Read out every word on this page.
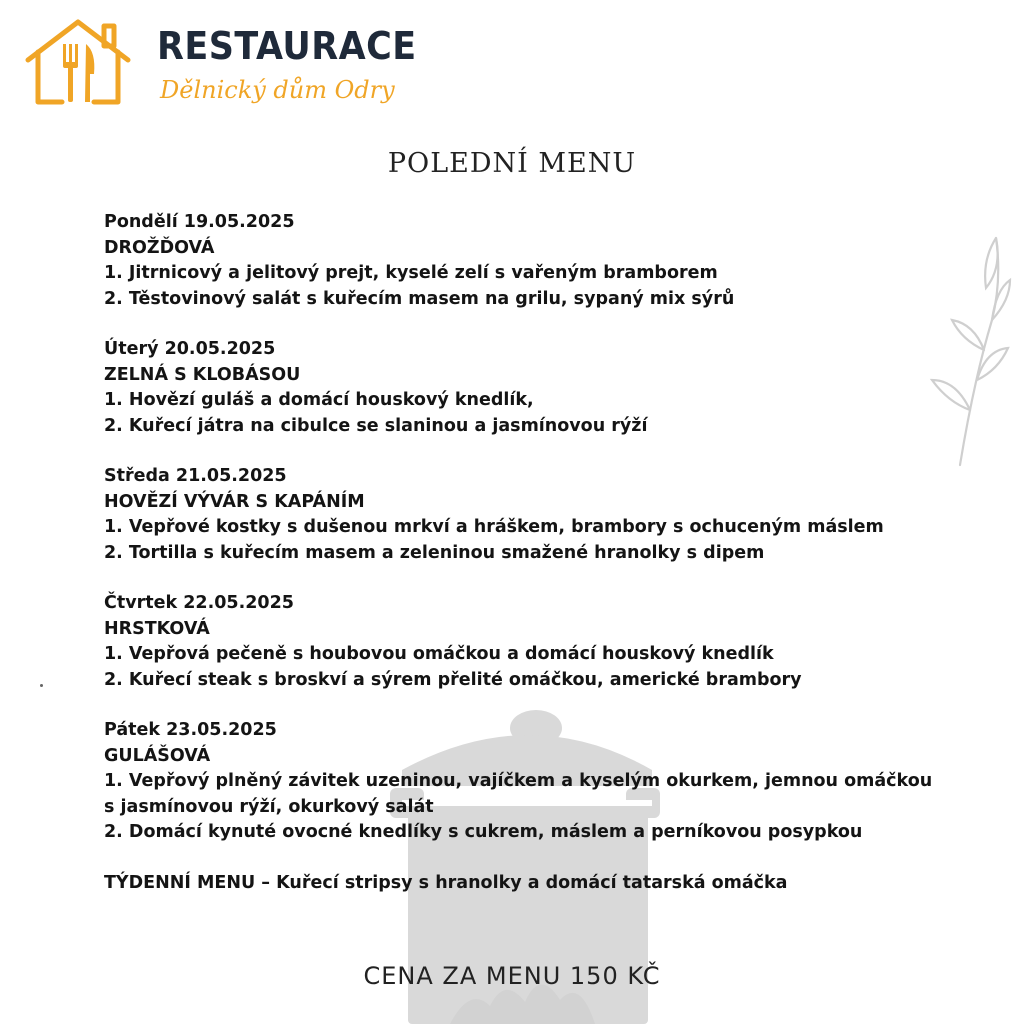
RESTAURACE
Dělnický dům Odry
POLEDNÍ MENU
Pondělí 19.05.2025
DROŽĎOVÁ
1. Jitrnicový a jelitový prejt, kyselé zelí s vařeným bramborem
2. Těstovinový salát s kuřecím masem na grilu, sypaný mix sýrů
Úterý 20.05.2025
ZELNÁ S KLOBÁSOU
1. Hovězí guláš a domácí houskový knedlík,
2. Kuřecí játra na cibulce se slaninou a jasmínovou rýží
Středa 21.05.2025
HOVĚZÍ VÝVÁR S KAPÁNÍM
1. Vepřové kostky s dušenou mrkví a hráškem, brambory s ochuceným máslem
2. Tortilla s kuřecím masem a zeleninou smažené hranolky s dipem
Čtvrtek 22.05.2025
HRSTKOVÁ
1. Vepřová pečeně s houbovou omáčkou a domácí houskový knedlík
2. Kuřecí steak s broskví a sýrem přelité omáčkou, americké brambory
Pátek 23.05.2025
GULÁŠOVÁ
1. Vepřový plněný závitek uzeninou, vajíčkem a kyselým okurkem, jemnou omáčkou s jasmínovou rýží, okurkový salát
2. Domácí kynuté ovocné knedlíky s cukrem, máslem a perníkovou posypkou
TÝDENNÍ MENU – Kuřecí stripsy s hranolky a domácí tatarská omáčka
CENA ZA MENU 150 KČ
